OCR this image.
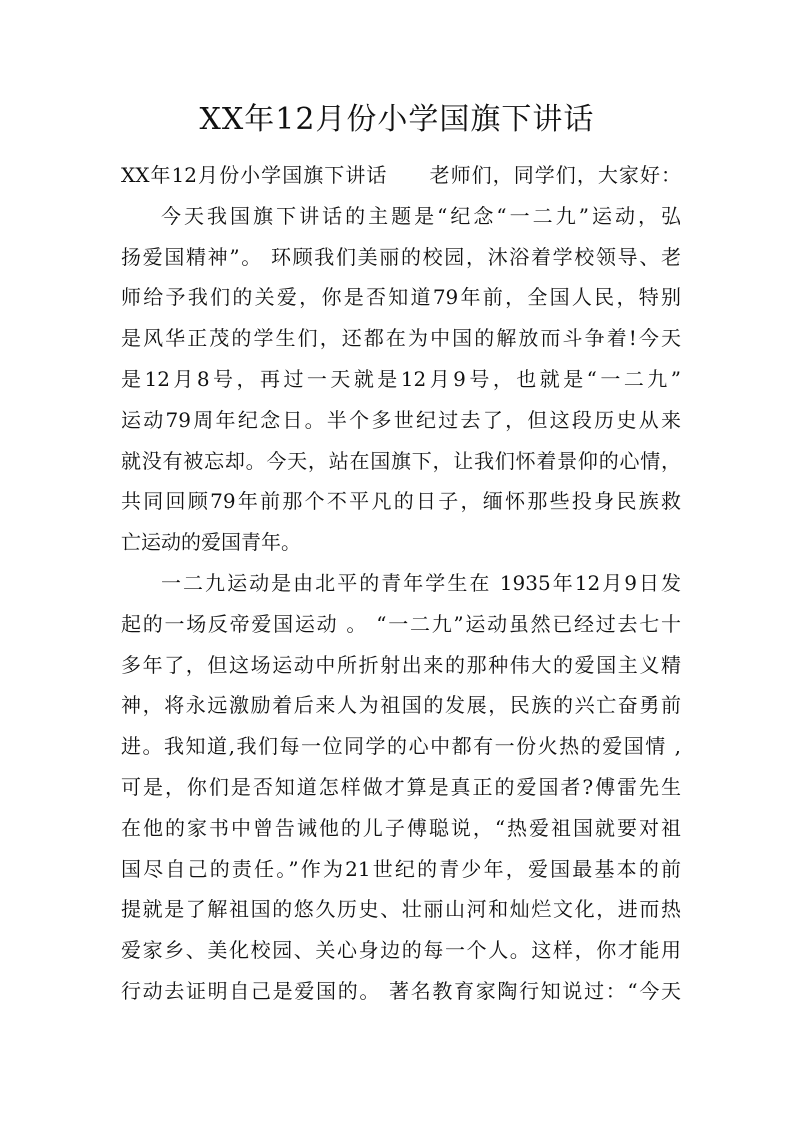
XX年12月份小学国旗下讲话

XX年12月份小学国旗下讲话　　老师们，同学们，大家好：

今天我国旗下讲话的主题是“纪念“一二九”运动，弘

扬爱国精神”。 环顾我们美丽的校园，沐浴着学校领导、老

师给予我们的关爱，你是否知道79年前，全国人民，特别

是风华正茂的学生们，还都在为中国的解放而斗争着!今天

是12月8号，再过一天就是12月9号，也就是“一二九”

运动79周年纪念日。半个多世纪过去了，但这段历史从来

就没有被忘却。今天，站在国旗下，让我们怀着景仰的心情，

共同回顾79年前那个不平凡的日子，缅怀那些投身民族救

亡运动的爱国青年。

一二九运动是由北平的青年学生在 1935年12月9日发

起的一场反帝爱国运动 。 “一二九”运动虽然已经过去七十

多年了，但这场运动中所折射出来的那种伟大的爱国主义精

神，将永远激励着后来人为祖国的发展，民族的兴亡奋勇前

进。我知道,我们每一位同学的心中都有一份火热的爱国情 ,

可是，你们是否知道怎样做才算是真正的爱国者?傅雷先生

在他的家书中曾告诫他的儿子傅聪说，“热爱祖国就要对祖

国尽自己的责任。”作为21世纪的青少年，爱国最基本的前

提就是了解祖国的悠久历史、壮丽山河和灿烂文化，进而热

爱家乡、美化校园、关心身边的每一个人。这样，你才能用

行动去证明自己是爱国的。 著名教育家陶行知说过：“今天
